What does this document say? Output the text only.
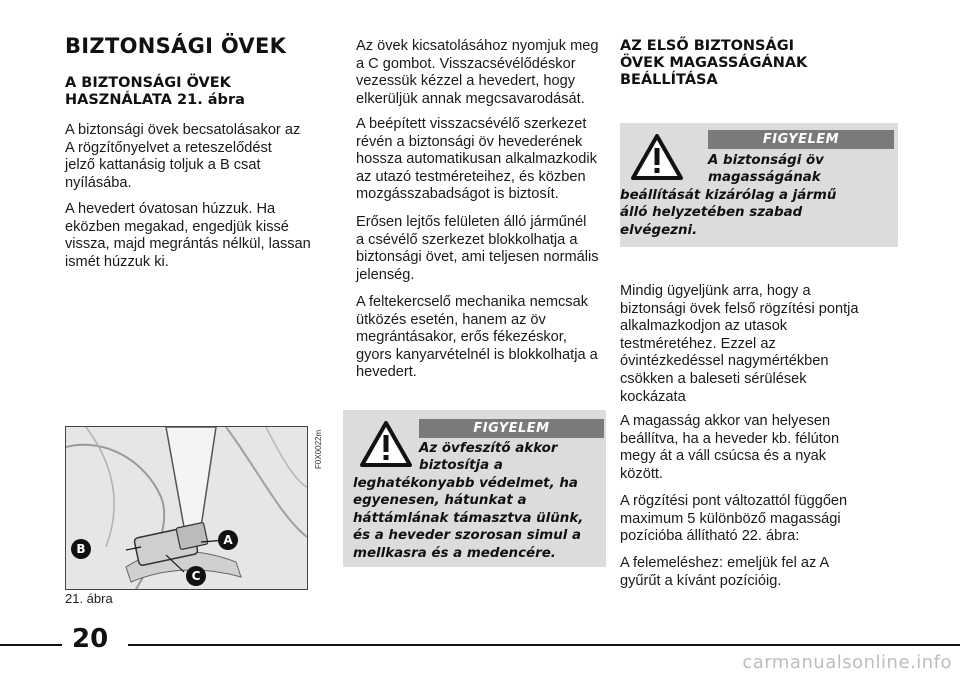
BIZTONSÁGI ÖVEK
A BIZTONSÁGI ÖVEK
HASZNÁLATA 21. ábra

A biztonsági övek becsatolásakor az
A rögzítőnyelvet a reteszelődést
jelző kattanásig toljuk a B csat
nyílásába.

A hevedert óvatosan húzzuk. Ha
eközben megakad, engedjük kissé
vissza, majd megrántás nélkül, lassan
ismét húzzuk ki.

A
B
C
F0X0022m

21. ábra

Az övek kicsatolásához nyomjuk meg
a C gombot. Visszacsévélődéskor
vezessük kézzel a hevedert, hogy
elkerüljük annak megcsavarodását.

A beépített visszacsévélő szerkezet
révén a biztonsági öv hevederének
hossza automatikusan alkalmazkodik
az utazó testméreteihez, és közben
mozgásszabadságot is biztosít.

Erősen lejtős felületen álló járműnél
a csévélő szerkezet blokkolhatja a
biztonsági övet, ami teljesen normális
jelenség.

A feltekercselő mechanika nemcsak
ütközés esetén, hanem az öv
megrántásakor, erős fékezéskor,
gyors kanyarvételnél is blokkolhatja a
hevedert.

FIGYELEM

Az övfeszítő akkor
biztosítja a

leghatékonyabb védelmet, ha
egyenesen, hátunkat a
háttámlának támasztva ülünk,
és a heveder szorosan simul a
mellkasra és a medencére.

AZ ELSŐ BIZTONSÁGI
ÖVEK MAGASSÁGÁNAK
BEÁLLÍTÁSA
FIGYELEM

A biztonsági öv
magasságának

beállítását kizárólag a jármű
álló helyzetében szabad
elvégezni.

Mindig ügyeljünk arra, hogy a
biztonsági övek felső rögzítési pontja
alkalmazkodjon az utasok
testméretéhez. Ezzel az
óvintézkedéssel nagymértékben
csökken a baleseti sérülések
kockázata

A magasság akkor van helyesen
beállítva, ha a heveder kb. félúton
megy át a váll csúcsa és a nyak
között.

A rögzítési pont változattól függően
maximum 5 különböző magassági
pozícióba állítható 22. ábra:

A felemeléshez: emeljük fel az A
gyűrűt a kívánt pozícióig.

20

carmanualsonline.info
